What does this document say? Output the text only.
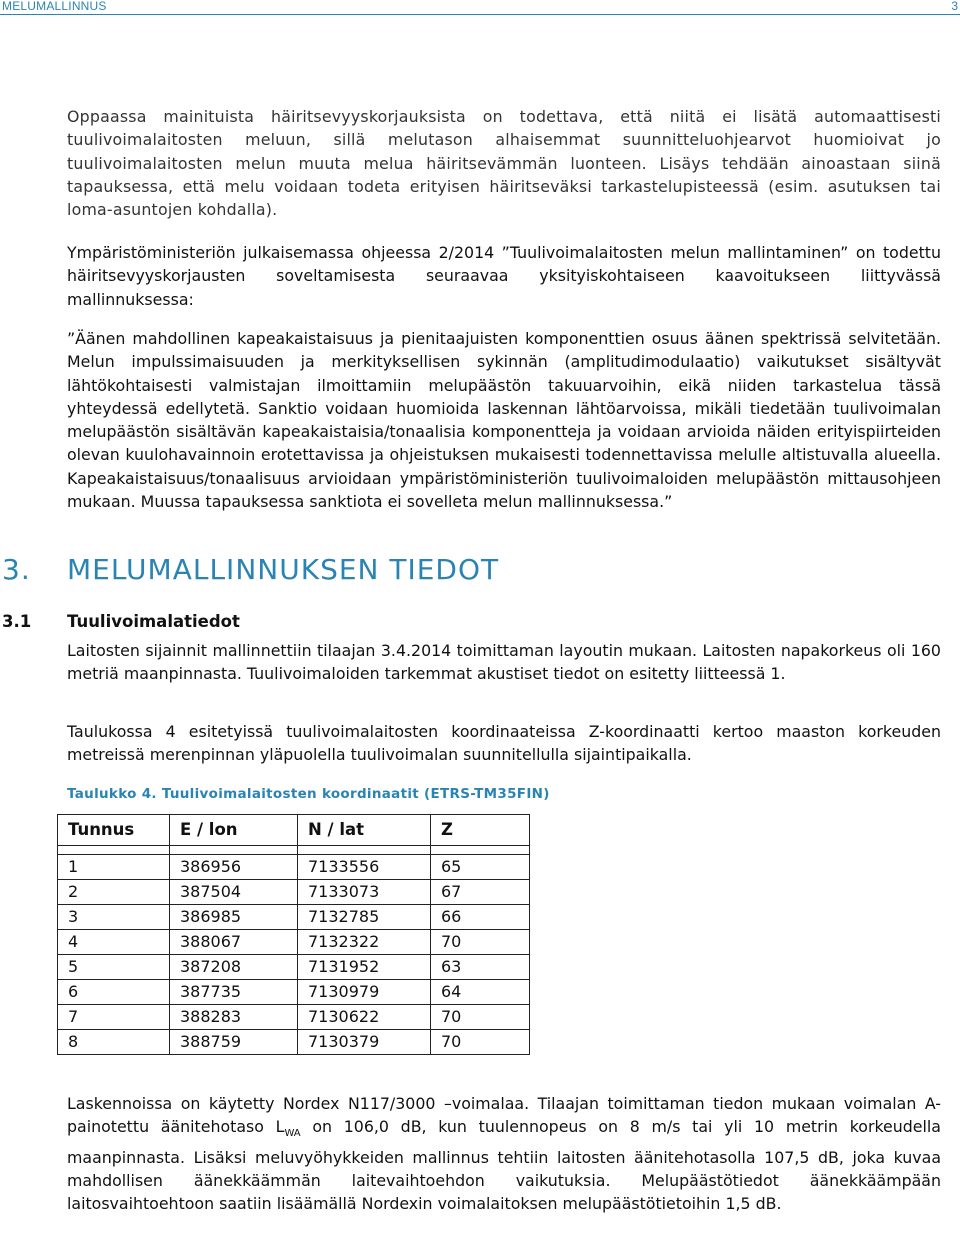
MELUMALLINNUS	3

Oppaassa mainituista häiritsevyyskorjauksista on todettava, että niitä ei lisätä automaattisesti tuulivoimalaitosten meluun, sillä melutason alhaisemmat suunnitteluohjearvot huomioivat jo tuulivoimalaitosten melun muuta melua häiritsevämmän luonteen. Lisäys tehdään ainoastaan siinä tapauksessa, että melu voidaan todeta erityisen häiritseväksi tarkastelupisteessä (esim. asutuksen tai loma-asuntojen kohdalla).

Ympäristöministeriön julkaisemassa ohjeessa 2/2014 ”Tuulivoimalaitosten melun mallintaminen” on todettu häiritsevyyskorjausten soveltamisesta seuraavaa yksityiskohtaiseen kaavoitukseen liittyvässä mallinnuksessa:

”Äänen mahdollinen kapeakaistaisuus ja pienitaajuisten komponenttien osuus äänen spektrissä selvitetään. Melun impulssimaisuuden ja merkityksellisen sykinnän (amplitudimodulaatio) vaikutukset sisältyvät lähtökohtaisesti valmistajan ilmoittamiin melupäästön takuuarvoihin, eikä niiden tarkastelua tässä yhteydessä edellytetä. Sanktio voidaan huomioida laskennan lähtöarvoissa, mikäli tiedetään tuulivoimalan melupäästön sisältävän kapeakaistaisia/tonaalisia komponentteja ja voidaan arvioida näiden erityispiirteiden olevan kuulohavainnoin erotettavissa ja ohjeistuksen mukaisesti todennettavissa melulle altistuvalla alueella. Kapeakaistaisuus/tonaalisuus arvioidaan ympäristöministeriön tuulivoimaloiden melupäästön mittausohjeen mukaan. Muussa tapauksessa sanktiota ei sovelleta melun mallinnuksessa.”

3. MELUMALLINNUKSEN TIEDOT
3.1 Tuulivoimalatiedot

Laitosten sijainnit mallinnettiin tilaajan 3.4.2014 toimittaman layoutin mukaan. Laitosten napakorkeus oli 160 metriä maanpinnasta. Tuulivoimaloiden tarkemmat akustiset tiedot on esitetty liitteessä 1.

Taulukossa 4 esitetyissä tuulivoimalaitosten koordinaateissa Z-koordinaatti kertoo maaston korkeuden metreissä merenpinnan yläpuolella tuulivoimalan suunnitellulla sijaintipaikalla.

Taulukko 4. Tuulivoimalaitosten koordinaatit (ETRS-TM35FIN)

Tunnus	E / lon	N / lat	Z

1	386956	7133556	65
2	387504	7133073	67
3	386985	7132785	66
4	388067	7132322	70
5	387208	7131952	63
6	387735	7130979	64
7	388283	7130622	70
8	388759	7130379	70

Laskennoissa on käytetty Nordex N117/3000 –voimalaa. Tilaajan toimittaman tiedon mukaan voimalan A-painotettu äänitehotaso $L_{WA}$ on 106,0 dB, kun tuulennopeus on 8 m/s tai yli 10 metrin korkeudella maanpinnasta. Lisäksi meluvyöhykkeiden mallinnus tehtiin laitosten äänitehotasolla 107,5 dB, joka kuvaa mahdollisen äänekkäämmän laitevaihtoehdon vaikutuksia. Melupäästötiedot äänekkäämpään laitosvaihtoehtoon saatiin lisäämällä Nordexin voimalaitoksen melupäästötietoihin 1,5 dB.
